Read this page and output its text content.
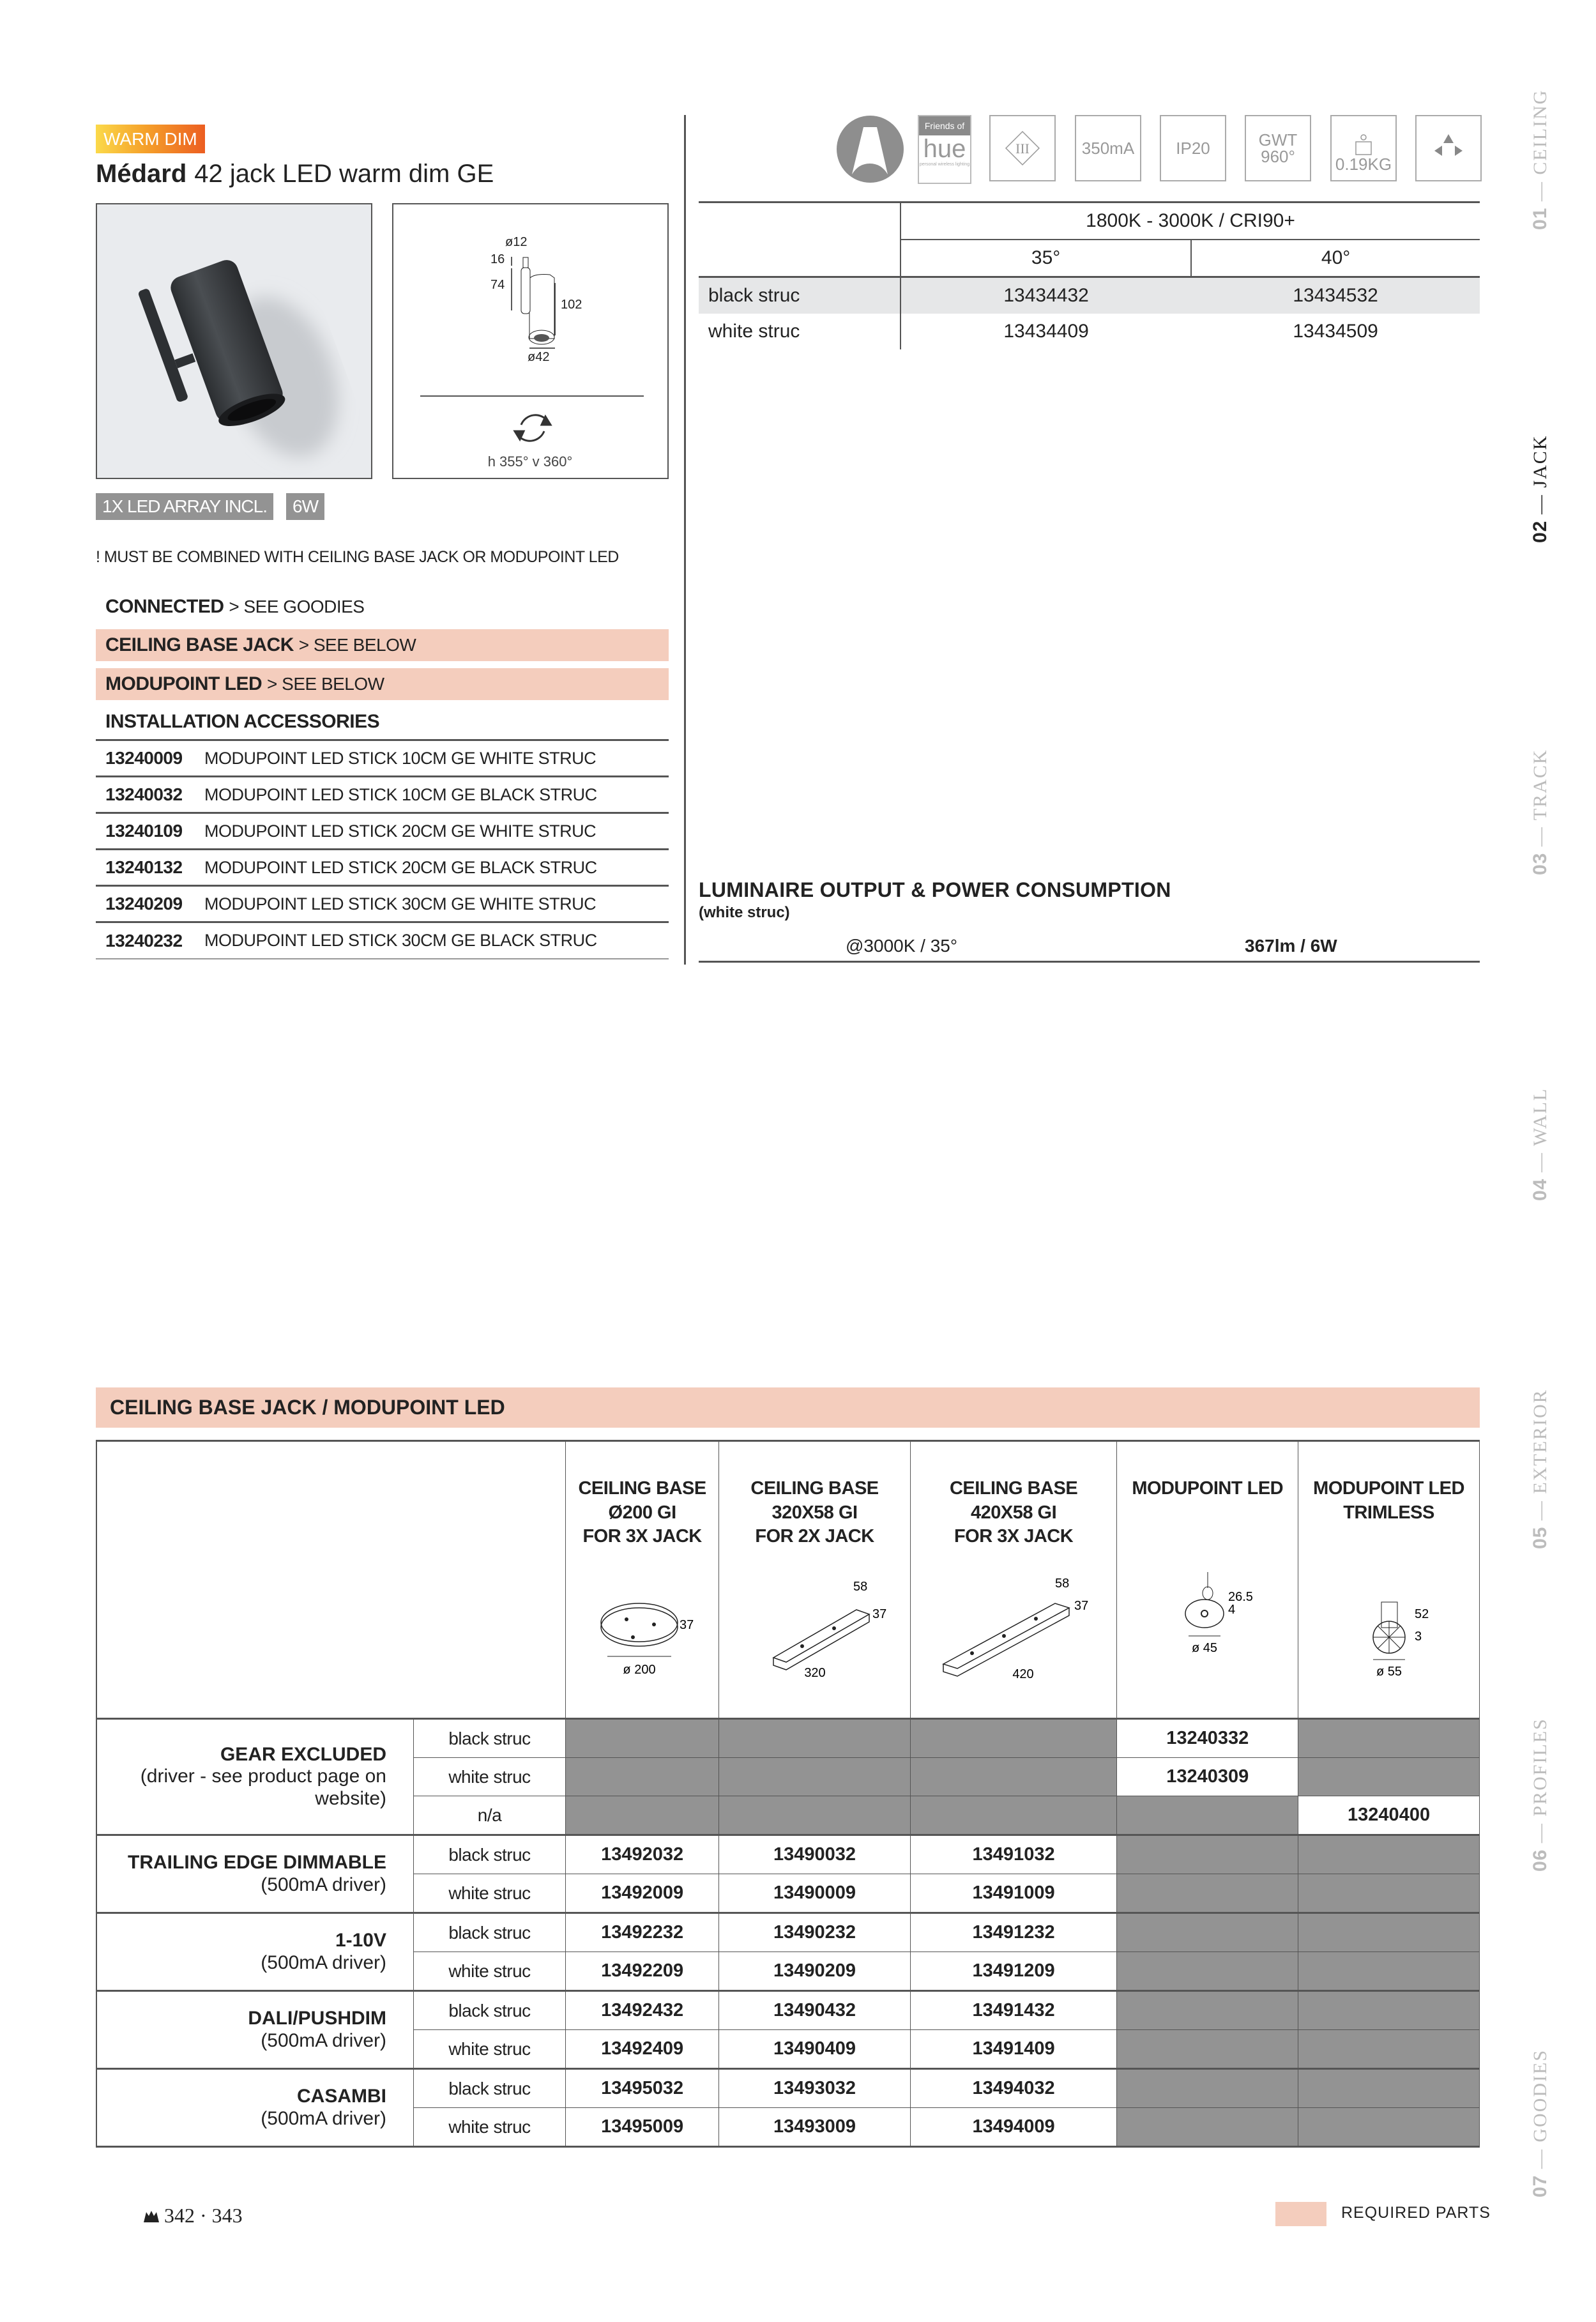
WARM DIM
Médard 42 jack LED warm dim GE
ø12
16
74
102
ø42
h 355° v 360°
1X LED ARRAY INCL.	6W
! MUST BE COMBINED WITH CEILING BASE JACK OR MODUPOINT LED
CONNECTED > SEE GOODIES
CEILING BASE JACK > SEE BELOW
MODUPOINT LED > SEE BELOW
INSTALLATION ACCESSORIES
13240009	MODUPOINT LED STICK 10CM GE WHITE STRUC
13240032	MODUPOINT LED STICK 10CM GE BLACK STRUC
13240109	MODUPOINT LED STICK 20CM GE WHITE STRUC
13240132	MODUPOINT LED STICK 20CM GE BLACK STRUC
13240209	MODUPOINT LED STICK 30CM GE WHITE STRUC
13240232	MODUPOINT LED STICK 30CM GE BLACK STRUC
Friends of
hue
personal wireless lighting
III	350mA	IP20	GWT
960° 0.19KG
	1800K - 3000K / CRI90+	
	35°	40°
black struc	13434432	13434532
white struc	13434409	13434509
LUMINAIRE OUTPUT & POWER CONSUMPTION
(white struc)
@3000K / 35°	367lm / 6W
01 — CEILING
02 — JACK
03 — TRACK
04 — WALL
05 — EXTERIOR
06 — PROFILES
07 — GOODIES
CEILING BASE JACK / MODUPOINT LED

CEILING BASE
Ø200 GI
FOR 3X JACK
37
ø 200

CEILING BASE
320X58 GI
FOR 2X JACK
58
37
320

CEILING BASE
420X58 GI
FOR 3X JACK
58
37
420

MODUPOINT LED
26.5
4
ø 45

MODUPOINT LED
TRIMLESS
52
3
ø 55

GEAR EXCLUDED
(driver - see product page on website)	black struc				13240332	
	white struc				13240309	
	n/a					13240400
TRAILING EDGE DIMMABLE
(500mA driver)	black struc	13492032	13490032	13491032		
	white struc	13492009	13490009	13491009		
1-10V
(500mA driver)	black struc	13492232	13490232	13491232		
	white struc	13492209	13490209	13491209		
DALI/PUSHDIM
(500mA driver)	black struc	13492432	13490432	13491432		
	white struc	13492409	13490409	13491409		
CASAMBI
(500mA driver)	black struc	13495032	13493032	13494032		
	white struc	13495009	13493009	13494009		
342 · 343	REQUIRED PARTS
